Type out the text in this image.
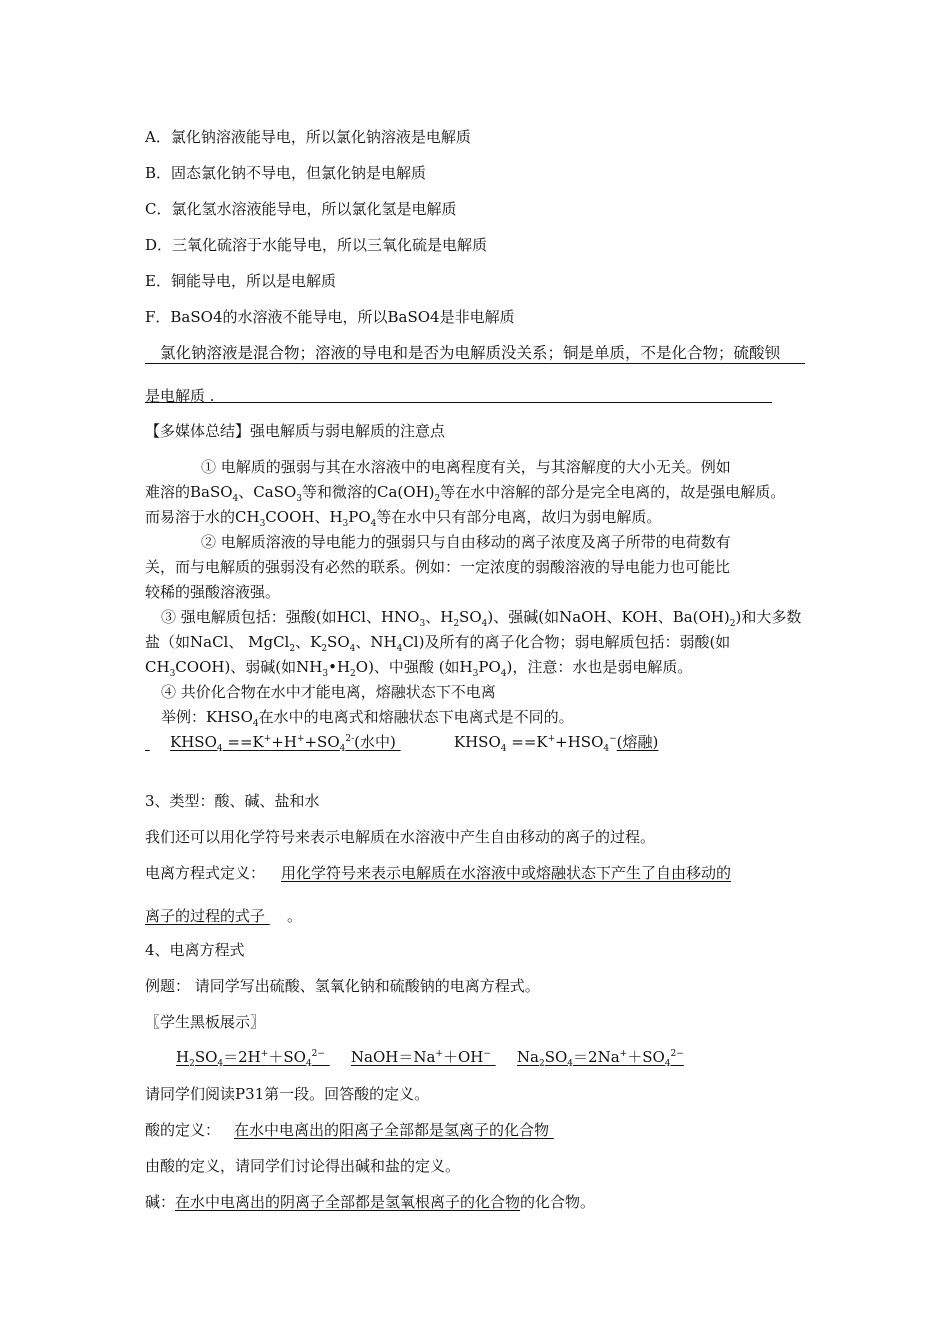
A．氯化钠溶液能导电，所以氯化钠溶液是电解质
B．固态氯化钠不导电，但氯化钠是电解质
C．氯化氢水溶液能导电，所以氯化氢是电解质
D．三氧化硫溶于水能导电，所以三氧化硫是电解质
E．铜能导电，所以是电解质
F．BaSO4的水溶液不能导电，所以BaSO4是非电解质
氯化钠溶液是混合物；溶液的导电和是否为电解质没关系；铜是单质，不是化合物；硫酸钡
是电解质 .
【多媒体总结】强电解质与弱电解质的注意点
① 电解质的强弱与其在水溶液中的电离程度有关，与其溶解度的大小无关。例如
难溶的BaSO$_4$、CaSO$_3$等和微溶的$Ca(OH)_2$等在水中溶解的部分是完全电离的，故是强电解质。
而易溶于水的$CH_3COOH$、$H_3PO_4$等在水中只有部分电离，故归为弱电解质。
② 电解质溶液的导电能力的强弱只与自由移动的离子浓度及离子所带的电荷数有
关，而与电解质的强弱没有必然的联系。例如：一定浓度的弱酸溶液的导电能力也可能比
较稀的强酸溶液强。
③ 强电解质包括：强酸(如HCl、$HNO_3$、$H_2SO_4$)、强碱(如NaOH、KOH、$Ba(OH)_2$)和大多数
盐（如NaCl、 MgCl$_2$、$K_2SO_4$、$NH_4Cl$)及所有的离子化合物；弱电解质包括：弱酸(如
$CH_3COOH$)、弱碱(如$NH_3•H_2O$)、中强酸 (如$H_3PO_4$)，注意：水也是弱电解质。
④ 共价化合物在水中才能电离，熔融状态下不电离
举例：$KHSO_4$在水中的电离式和熔融状态下电离式是不同的。
$KHSO_4 ==K^++H^++SO_4^{2-}$(水中)	$KHSO_4 ==K^++HSO_4^-$(熔融)
3、类型：酸、碱、盐和水
我们还可以用化学符号来表示电解质在水溶液中产生自由移动的离子的过程。
电离方程式定义： 用化学符号来表示电解质在水溶液中或熔融状态下产生了自由移动的
离子的过程的式子 。
4、电离方程式
例题： 请同学写出硫酸、氢氧化钠和硫酸钠的电离方程式。
〖学生黑板展示〗
$H_2SO_4=2H^++SO_4^{2-}$ NaOH＝Na+＋OH− $Na_2SO_4=2Na^++SO_4^{2-}$
请同学们阅读P31第一段。回答酸的定义。
酸的定义： 在水中电离出的阳离子全部都是氢离子的化合物
由酸的定义，请同学们讨论得出碱和盐的定义。
碱：在水中电离出的阴离子全部都是氢氧根离子的化合物的化合物。
